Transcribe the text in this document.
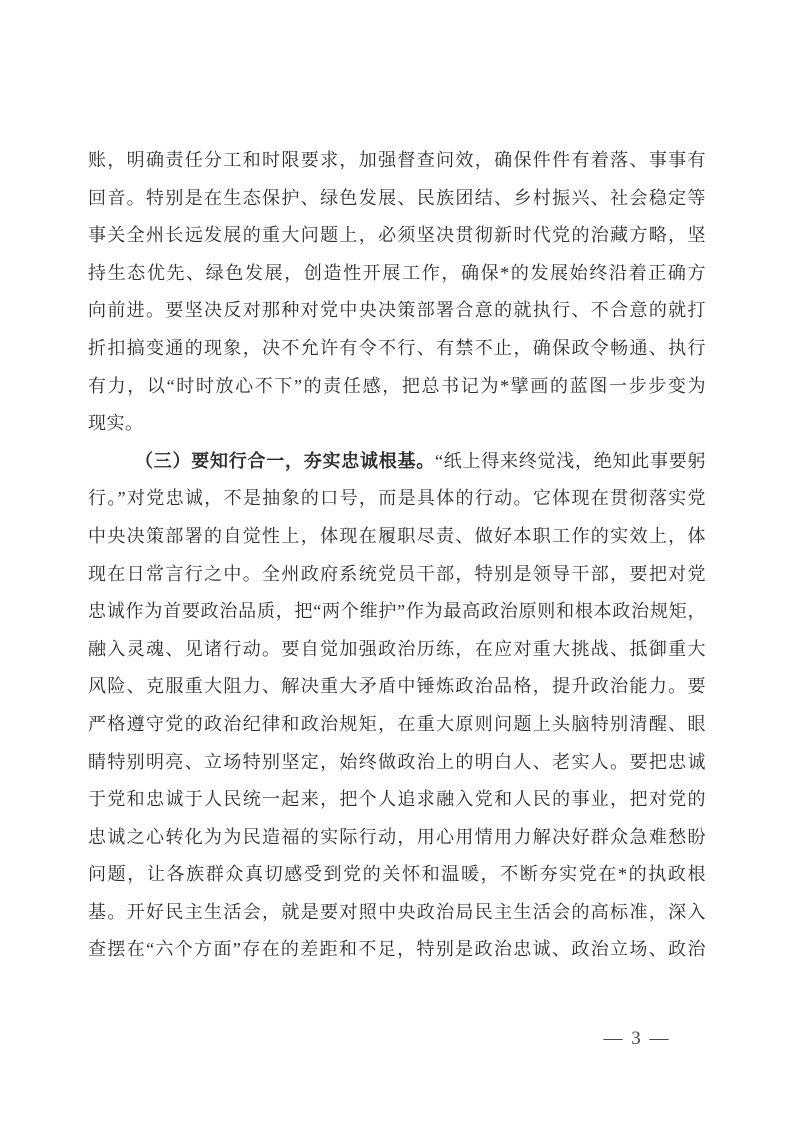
账，明确责任分工和时限要求，加强督查问效，确保件件有着落、事事有
回音。特别是在生态保护、绿色发展、民族团结、乡村振兴、社会稳定等
事关全州长远发展的重大问题上，必须坚决贯彻新时代党的治藏方略，坚
持生态优先、绿色发展，创造性开展工作，确保*的发展始终沿着正确方
向前进。要坚决反对那种对党中央决策部署合意的就执行、不合意的就打
折扣搞变通的现象，决不允许有令不行、有禁不止，确保政令畅通、执行
有力，以“时时放心不下”的责任感，把总书记为*擘画的蓝图一步步变为
现实。
（三）要知行合一，夯实忠诚根基。“纸上得来终觉浅，绝知此事要躬
行。”对党忠诚，不是抽象的口号，而是具体的行动。它体现在贯彻落实党
中央决策部署的自觉性上，体现在履职尽责、做好本职工作的实效上，体
现在日常言行之中。全州政府系统党员干部，特别是领导干部，要把对党
忠诚作为首要政治品质，把“两个维护”作为最高政治原则和根本政治规矩，
融入灵魂、见诸行动。要自觉加强政治历练，在应对重大挑战、抵御重大
风险、克服重大阻力、解决重大矛盾中锤炼政治品格，提升政治能力。要
严格遵守党的政治纪律和政治规矩，在重大原则问题上头脑特别清醒、眼
睛特别明亮、立场特别坚定，始终做政治上的明白人、老实人。要把忠诚
于党和忠诚于人民统一起来，把个人追求融入党和人民的事业，把对党的
忠诚之心转化为为民造福的实际行动，用心用情用力解决好群众急难愁盼
问题，让各族群众真切感受到党的关怀和温暖，不断夯实党在*的执政根
基。开好民主生活会，就是要对照中央政治局民主生活会的高标准，深入
查摆在“六个方面”存在的差距和不足，特别是政治忠诚、政治立场、政治
— 3 —
